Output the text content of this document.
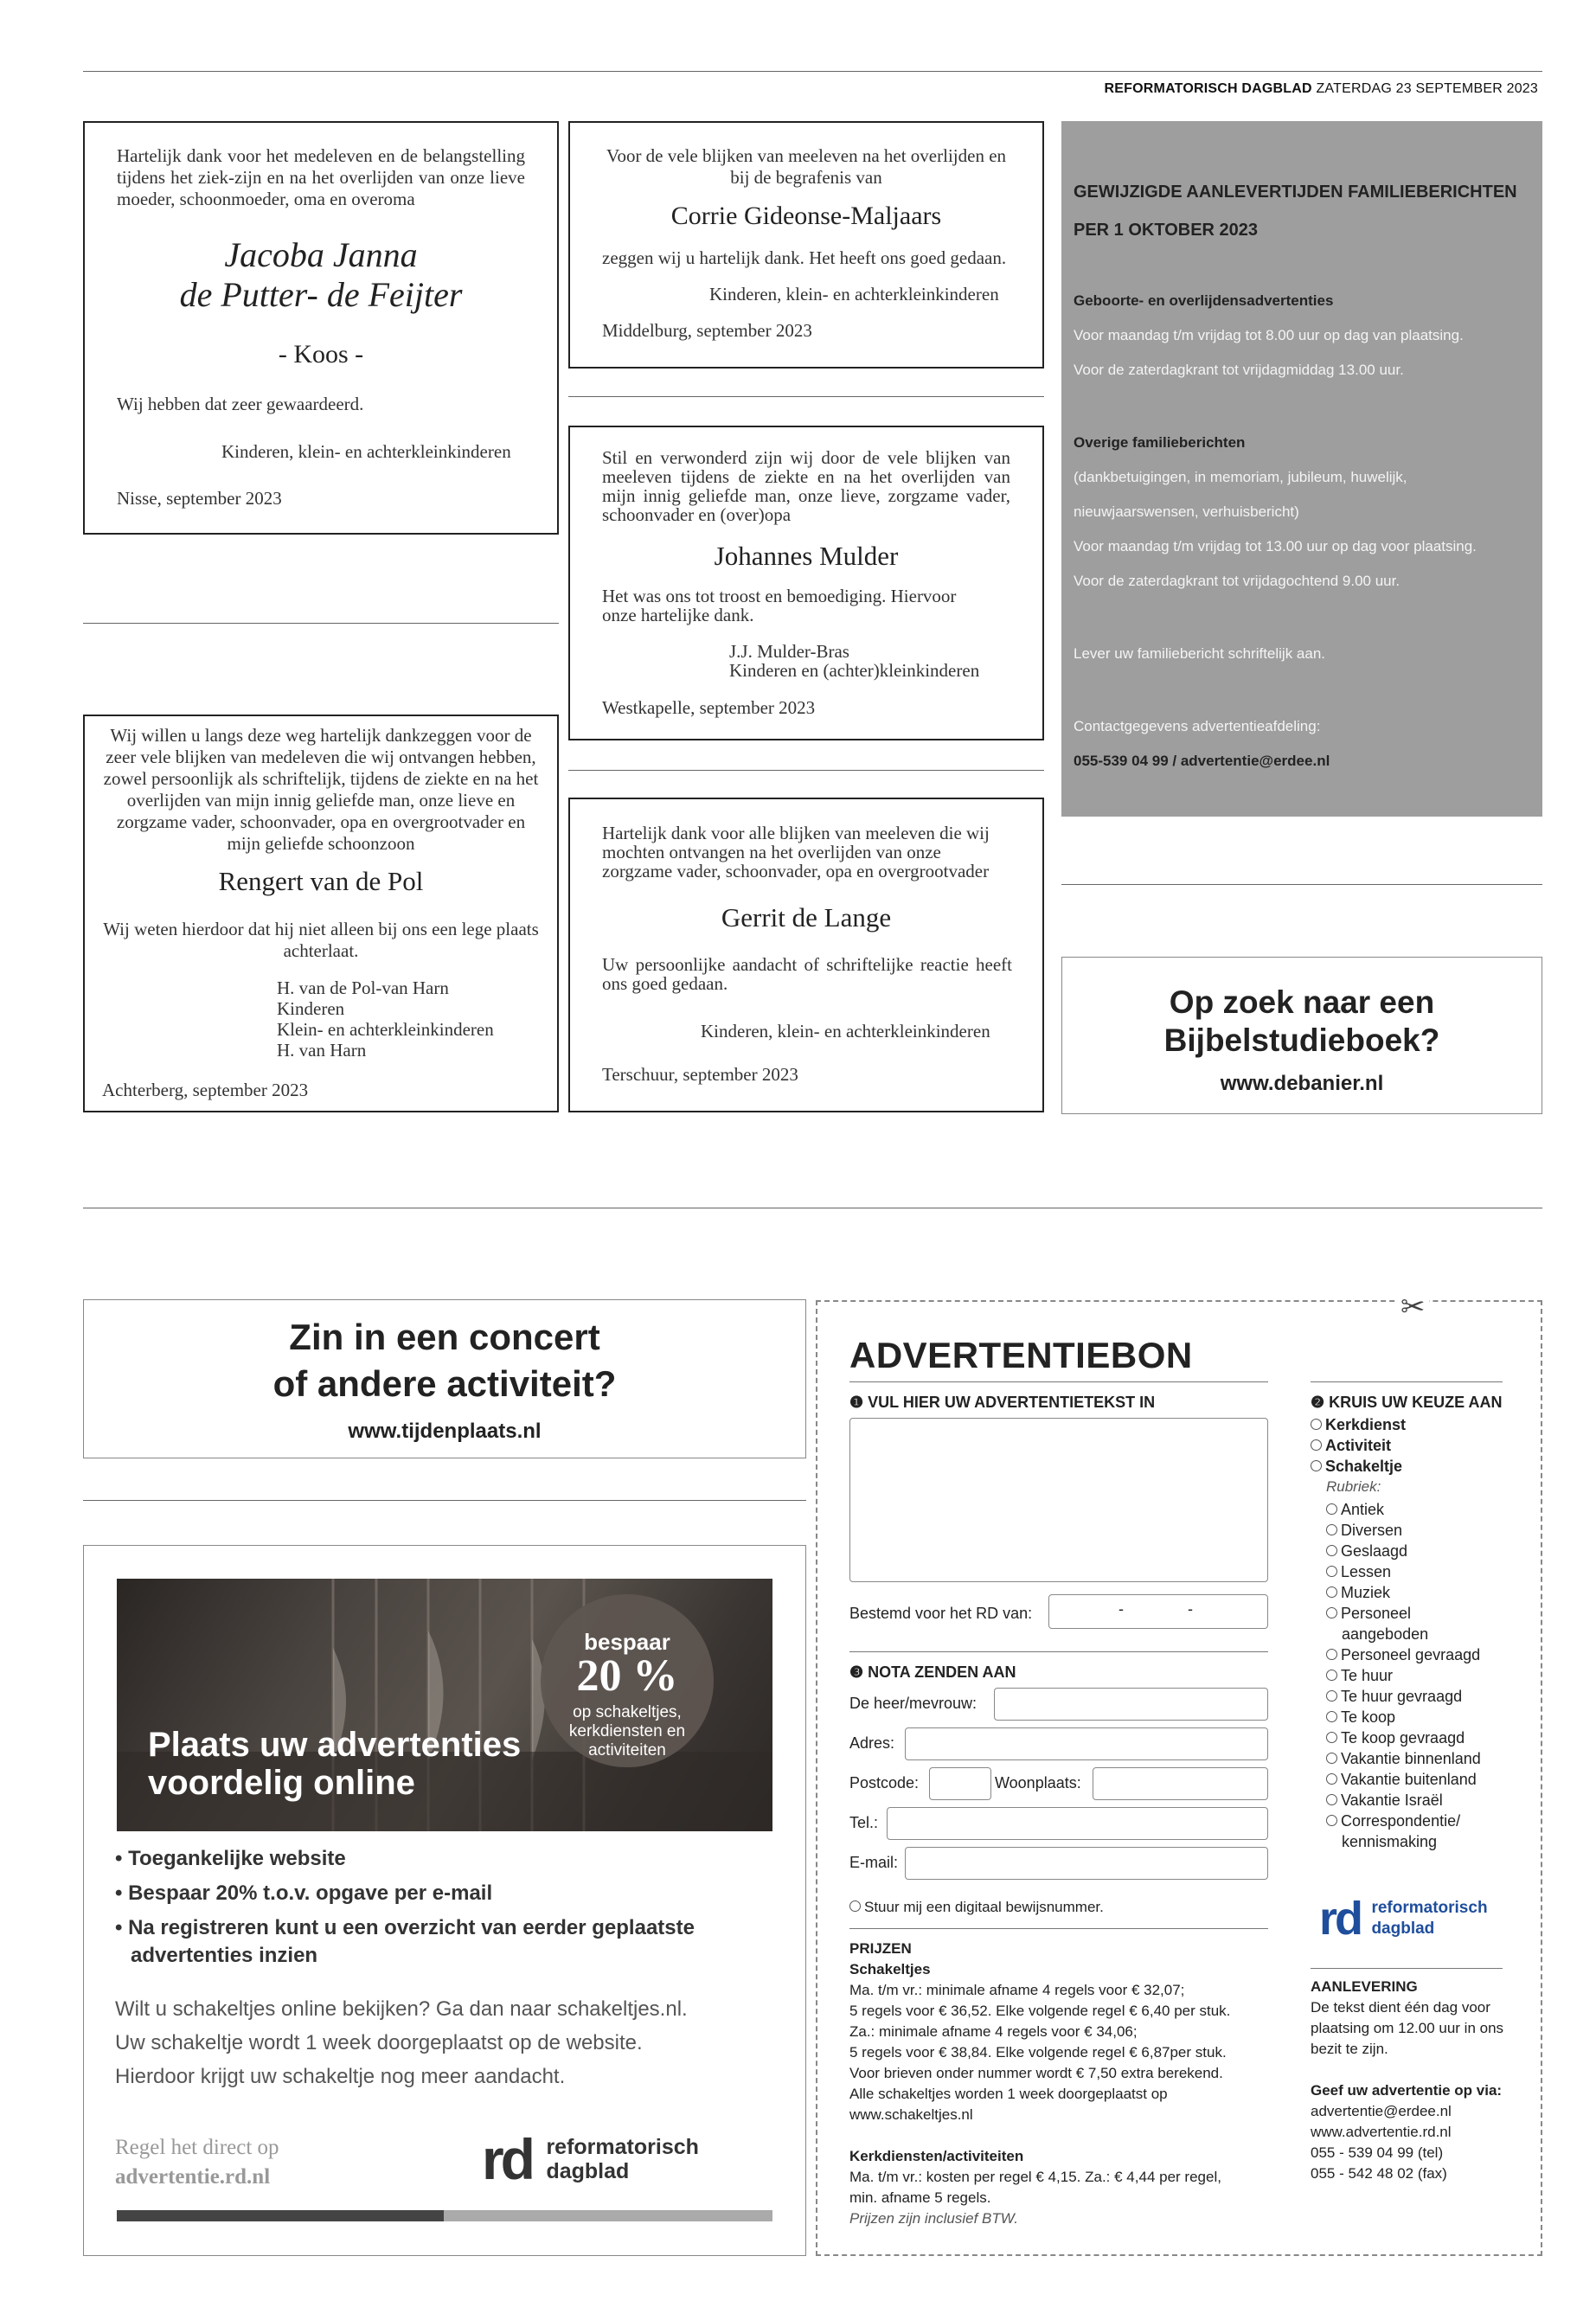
REFORMATORISCH DAGBLAD ZATERDAG 23 SEPTEMBER 2023
Hartelijk dank voor het medeleven en de belangstelling tijdens het ziek-zijn en na het overlijden van onze lieve moeder, schoonmoeder, oma en overoma
Jacoba Janna
de Putter- de Feijter
- Koos -
Wij hebben dat zeer gewaardeerd.
Kinderen, klein- en achterkleinkinderen
Nisse, september 2023
Wij willen u langs deze weg hartelijk dankzeggen voor de zeer vele blijken van medeleven die wij ontvangen hebben, zowel persoonlijk als schriftelijk, tijdens de ziekte en na het overlijden van mijn innig geliefde man, onze lieve en zorgzame vader, schoonvader, opa en overgrootvader en mijn geliefde schoonzoon
Rengert van de Pol
Wij weten hierdoor dat hij niet alleen bij ons een lege plaats achterlaat.
H. van de Pol-van Harn
Kinderen
Klein- en achterkleinkinderen
H. van Harn
Achterberg, september 2023
Voor de vele blijken van meeleven na het overlijden en bij de begrafenis van
Corrie Gideonse-Maljaars
zeggen wij u hartelijk dank. Het heeft ons goed gedaan.
Kinderen, klein- en achterkleinkinderen
Middelburg, september 2023
Stil en verwonderd zijn wij door de vele blijken van meeleven tijdens de ziekte en na het overlijden van mijn innig geliefde man, onze lieve, zorgzame vader, schoonvader en (over)opa
Johannes Mulder
Het was ons tot troost en bemoediging. Hiervoor onze hartelijke dank.
J.J. Mulder-Bras
Kinderen en (achter)kleinkinderen
Westkapelle, september 2023
Hartelijk dank voor alle blijken van meeleven die wij mochten ontvangen na het overlijden van onze zorgzame vader, schoonvader, opa en overgrootvader
Gerrit de Lange
Uw persoonlijke aandacht of schriftelijke reactie heeft ons goed gedaan.
Kinderen, klein- en achterkleinkinderen
Terschuur, september 2023
GEWIJZIGDE AANLEVERTIJDEN FAMILIEBERICHTEN
PER 1 OKTOBER 2023
Geboorte- en overlijdensadvertenties
Voor maandag t/m vrijdag tot 8.00 uur op dag van plaatsing.
Voor de zaterdagkrant tot vrijdagmiddag 13.00 uur.
Overige familieberichten
(dankbetuigingen, in memoriam, jubileum, huwelijk,
nieuwjaarswensen, verhuisbericht)
Voor maandag t/m vrijdag tot 13.00 uur op dag voor plaatsing.
Voor de zaterdagkrant tot vrijdagochtend 9.00 uur.
Lever uw familiebericht schriftelijk aan.
Contactgegevens advertentieafdeling:
055-539 04 99 / advertentie@erdee.nl
Op zoek naar een
Bijbelstudieboek?
www.debanier.nl
Zin in een concert
of andere activiteit?
www.tijdenplaats.nl
bespaar
20 %
op schakeltjes,
kerkdiensten en
activiteiten
Plaats uw advertenties
voordelig online
• Toegankelijke website
• Bespaar 20% t.o.v. opgave per e-mail
• Na registreren kunt u een overzicht van eerder geplaatste
advertenties inzien
Wilt u schakeltjes online bekijken? Ga dan naar schakeltjes.nl.
Uw schakeltje wordt 1 week doorgeplaatst op de website.
Hierdoor krijgt uw schakeltje nog meer aandacht.
Regel het direct op
advertentie.rd.nl	rd reformatorisch
dagblad
✂
ADVERTENTIEBON
❶ VUL HIER UW ADVERTENTIETEKST IN
Bestemd voor het RD van:	-	-
❸ NOTA ZENDEN AAN
De heer/mevrouw:
Adres:
Postcode:	Woonplaats:
Tel.:
E-mail:
Stuur mij een digitaal bewijsnummer.
PRIJZEN
Schakeltjes
Ma. t/m vr.: minimale afname 4 regels voor € 32,07;
5 regels voor € 36,52. Elke volgende regel € 6,40 per stuk.
Za.: minimale afname 4 regels voor € 34,06;
5 regels voor € 38,84. Elke volgende regel € 6,87per stuk.
Voor brieven onder nummer wordt € 7,50 extra berekend.
Alle schakeltjes worden 1 week doorgeplaatst op
www.schakeltjes.nl
Kerkdiensten/activiteiten
Ma. t/m vr.: kosten per regel € 4,15. Za.: € 4,44 per regel,
min. afname 5 regels.
Prijzen zijn inclusief BTW.
❷ KRUIS UW KEUZE AAN
Kerkdienst
Activiteit
Schakeltje
Rubriek:
Antiek
Diversen
Geslaagd
Lessen
Muziek
Personeel aangeboden
Personeel gevraagd
Te huur
Te huur gevraagd
Te koop
Te koop gevraagd
Vakantie binnenland
Vakantie buitenland
Vakantie Israël
Correspondentie/ kennismaking
rd reformatorisch
dagblad
AANLEVERING
De tekst dient één dag voor
plaatsing om 12.00 uur in ons
bezit te zijn.
Geef uw advertentie op via:
advertentie@erdee.nl
www.advertentie.rd.nl
055 - 539 04 99 (tel)
055 - 542 48 02 (fax)
